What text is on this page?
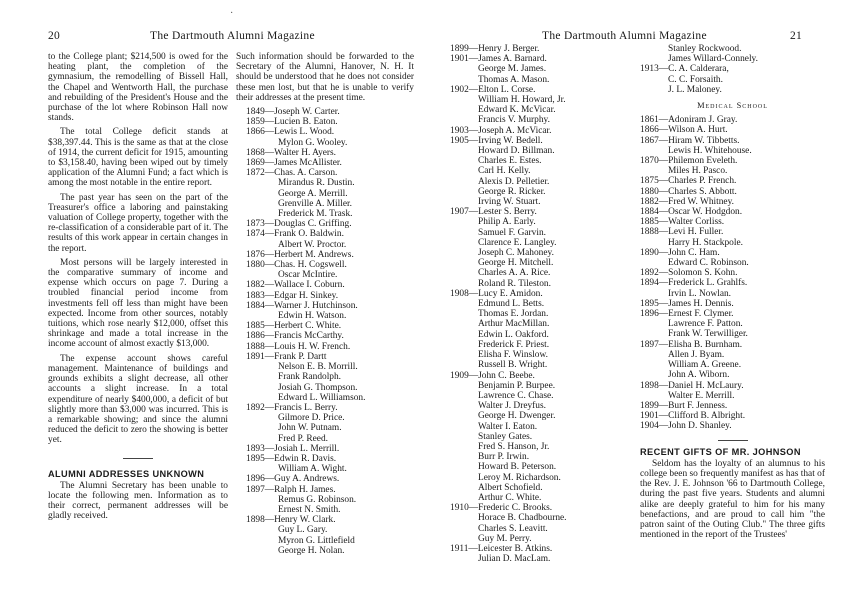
·
20	The Dartmouth Alumni Magazine

to the College plant; $214,500 is owed for the heating plant, the completion of the gymnasium, the remodelling of Bissell Hall, the Chapel and Wentworth Hall, the purchase and rebuilding of the President's House and the purchase of the lot where Robinson Hall now stands.

The total College deficit stands at $38,397.44. This is the same as that at the close of 1914, the current deficit for 1915, amounting to $3,158.40, having been wiped out by timely application of the Alumni Fund; a fact which is among the most notable in the entire report.

The past year has seen on the part of the Treasurer's office a laboring and painstaking valuation of College property, together with the re-classification of a considerable part of it. The results of this work appear in certain changes in the report.

Most persons will be largely interested in the comparative summary of income and expense which occurs on page 7. During a troubled financial period income from investments fell off less than might have been expected. Income from other sources, notably tuitions, which rose nearly $12,000, offset this shrinkage and made a total increase in the income account of almost exactly $13,000.

The expense account shows careful management. Maintenance of buildings and grounds exhibits a slight decrease, all other accounts a slight increase. In a total expenditure of nearly $400,000, a deficit of but slightly more than $3,000 was incurred. This is a remarkable showing; and since the alumni reduced the deficit to zero the showing is better yet.

ALUMNI ADDRESSES UNKNOWN

The Alumni Secretary has been unable to locate the following men. Information as to their correct, permanent addresses will be gladly received.

Such information should be forwarded to the Secretary of the Alumni, Hanover, N. H. It should be understood that he does not consider these men lost, but that he is unable to verify their addresses at the present time.

1849—Joseph W. Carter.
1859—Lucien B. Eaton.
1866—Lewis L. Wood.
Mylon G. Wooley.
1868—Walter H. Ayers.
1869—James McAllister.
1872—Chas. A. Carson.
Mirandus R. Dustin.
George A. Merrill.
Grenville A. Miller.
Frederick M. Trask.
1873—Douglas C. Griffing.
1874—Frank O. Baldwin.
Albert W. Proctor.
1876—Herbert M. Andrews.
1880—Chas. H. Cogswell.
Oscar McIntire.
1882—Wallace I. Coburn.
1883—Edgar H. Sinkey.
1884—Warner J. Hutchinson.
Edwin H. Watson.
1885—Herbert C. White.
1886—Francis McCarthy.
1888—Louis H. W. French.
1891—Frank P. Dartt
Nelson E. B. Morrill.
Frank Randolph.
Josiah G. Thompson.
Edward L. Williamson.
1892—Francis L. Berry.
Gilmore D. Price.
John W. Putnam.
Fred P. Reed.
1893—Josiah L. Merrill.
1895—Edwin R. Davis.
William A. Wight.
1896—Guy A. Andrews.
1897—Ralph H. James.
Remus G. Robinson.
Ernest N. Smith.
1898—Henry W. Clark.
Guy L. Gary.
Myron G. Littlefield
George H. Nolan.
The Dartmouth Alumni Magazine	21
1899—Henry J. Berger.
1901—James A. Barnard.
George M. James.
Thomas A. Mason.
1902—Elton L. Corse.
William H. Howard, Jr.
Edward K. McVicar.
Francis V. Murphy.
1903—Joseph A. McVicar.
1905—Irving W. Bedell.
Howard D. Billman.
Charles E. Estes.
Carl H. Kelly.
Alexis D. Pelletier.
George R. Ricker.
Irving W. Stuart.
1907—Lester S. Berry.
Philip A. Early.
Samuel F. Garvin.
Clarence E. Langley.
Joseph C. Mahoney.
George H. Mitchell.
Charles A. A. Rice.
Roland R. Tileston.
1908—Lucy E. Amidon.
Edmund L. Betts.
Thomas E. Jordan.
Arthur MacMillan.
Edwin L. Oakford.
Frederick F. Priest.
Elisha F. Winslow.
Russell B. Wright.
1909—John C. Beebe.
Benjamin P. Burpee.
Lawrence C. Chase.
Walter J. Dreyfus.
George H. Dwenger.
Walter I. Eaton.
Stanley Gates.
Fred S. Hanson, Jr.
Burr P. Irwin.
Howard B. Peterson.
Leroy M. Richardson.
Albert Schofield.
Arthur C. White.
1910—Frederic C. Brooks.
Horace B. Chadbourne.
Charles S. Leavitt.
Guy M. Perry.
1911—Leicester B. Atkins.
Julian D. MacLam.
Stanley Rockwood.
James Willard-Connely.
1913—C. A. Calderara,
C. C. Forsaith.
J. L. Maloney.
Medical School
1861—Adoniram J. Gray.
1866—Wilson A. Hurt.
1867—Hiram W. Tibbetts.
Lewis H. Whitehouse.
1870—Philemon Eveleth.
Miles H. Pasco.
1875—Charles P. French.
1880—Charles S. Abbott.
1882—Fred W. Whitney.
1884—Oscar W. Hodgdon.
1885—Walter Corliss.
1888—Levi H. Fuller.
Harry H. Stackpole.
1890—John C. Ham.
Edward C. Robinson.
1892—Solomon S. Kohn.
1894—Frederick L. Grahlfs.
Irvin L. Nowlan.
1895—James H. Dennis.
1896—Ernest F. Clymer.
Lawrence F. Patton.
Frank W. Terwilliger.
1897—Elisha B. Burnham.
Allen J. Byam.
William A. Greene.
John A. Wiborn.
1898—Daniel H. McLaury.
Walter E. Merrill.
1899—Burt F. Jenness.
1901—Clifford B. Albright.
1904—John D. Shanley.
RECENT GIFTS OF MR. JOHNSON

Seldom has the loyalty of an alumnus to his college been so frequently manifest as has that of the Rev. J. E. Johnson '66 to Dartmouth College, during the past five years. Students and alumni alike are deeply grateful to him for his many benefactions, and are proud to call him "the patron saint of the Outing Club." The three gifts mentioned in the report of the Trustees'
